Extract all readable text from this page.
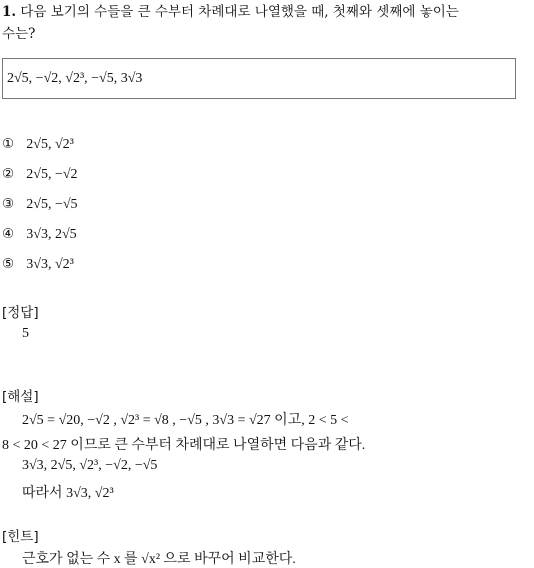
1. 다음 보기의 수들을 큰 수부터 차례대로 나열했을 때, 첫째와 셋째에 놓이는
수는?
2√5, −√2, √2³, −√5, 3√3
① 2√5, √2³
② 2√5, −√2
③ 2√5, −√5
④ 3√3, 2√5
⑤ 3√3, √2³
[정답]
5
[해설]
2√5 = √20, −√2 , √2³ = √8 , −√5 , 3√3 = √27 이고, 2 < 5 <
8 < 20 < 27 이므로 큰 수부터 차례대로 나열하면 다음과 같다.
3√3, 2√5, √2³, −√2, −√5
따라서 3√3, √2³
[힌트]
근호가 없는 수 x 를 √x² 으로 바꾸어 비교한다.
